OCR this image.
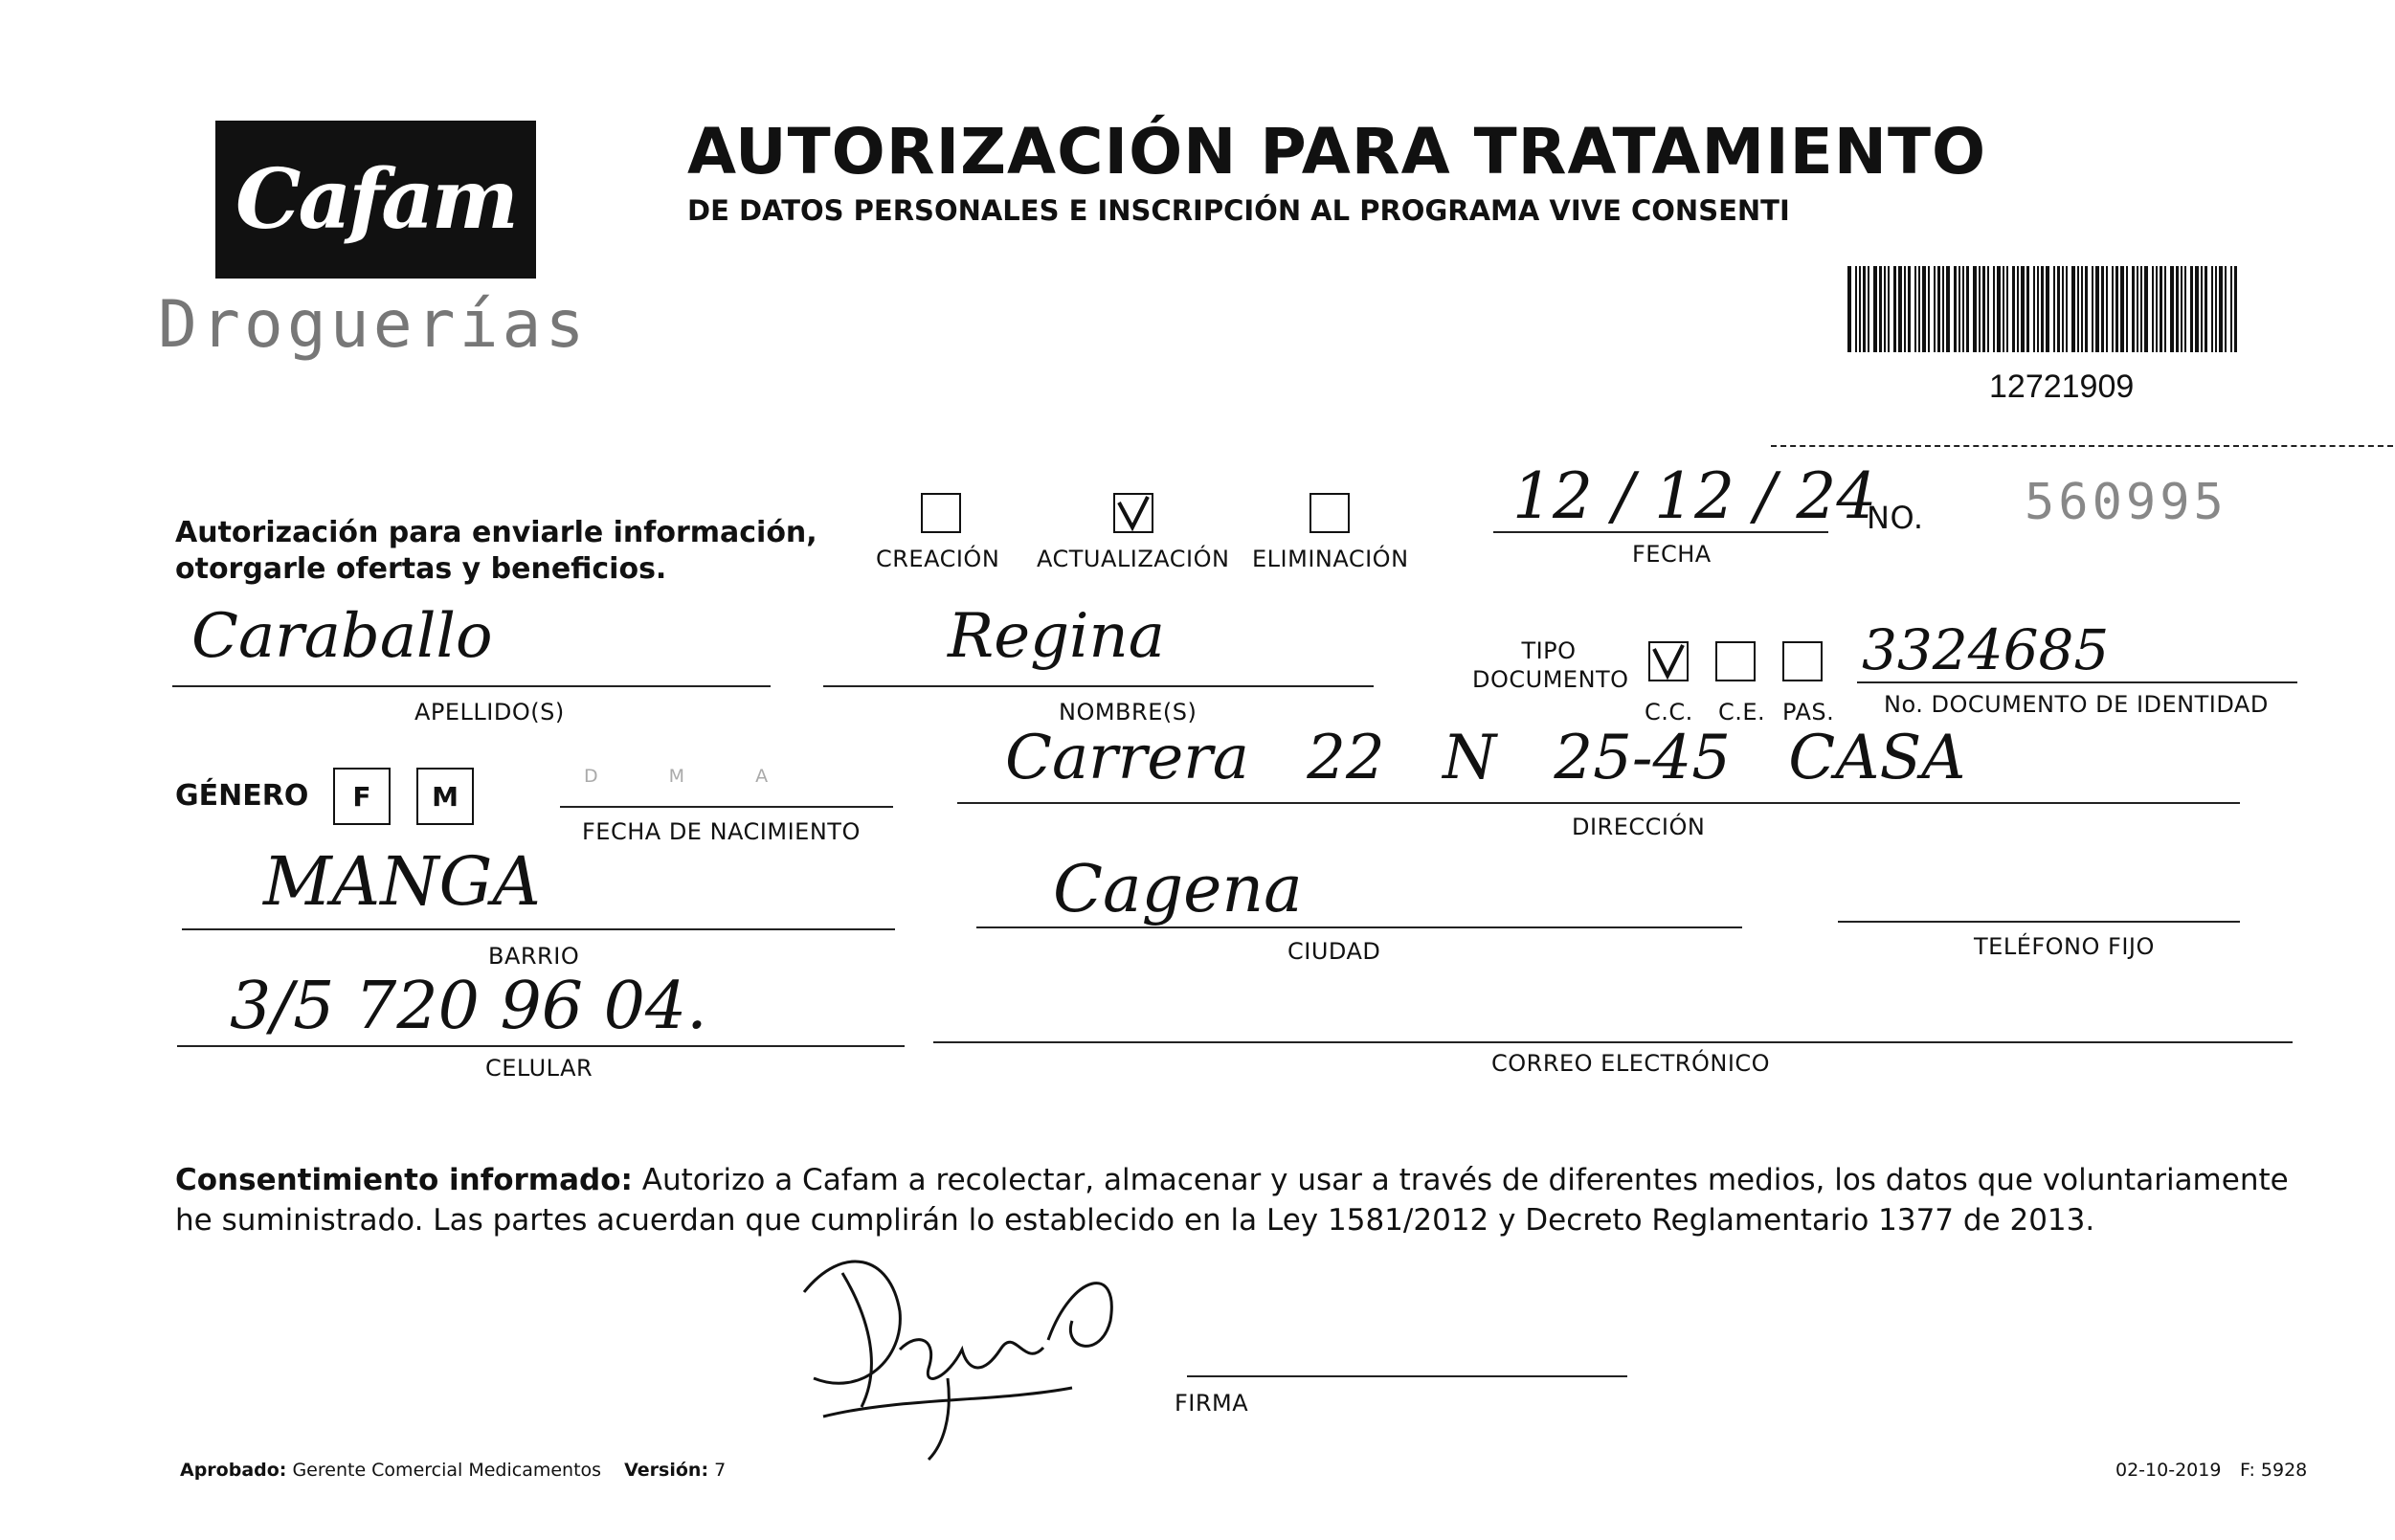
Cafam
Droguerías
AUTORIZACIÓN PARA TRATAMIENTO
DE DATOS PERSONALES E INSCRIPCIÓN AL PROGRAMA VIVE CONSENTI
12721909
Autorización para enviarle información,
otorgarle ofertas y beneficios.	CREACIÓN ACTUALIZACIÓN ELIMINACIÓN
12 / 12 / 24
FECHA
NO. 560995
Caraballo
APELLIDO(S)
Regina
NOMBRE(S)
TIPO DOCUMENTO
C.C. C.E. PAS.
3324685
No. DOCUMENTO DE IDENTIDAD
GÉNERO	F	M
D M A
FECHA DE NACIMIENTO
Carrera 22 N 25-45 CASA
DIRECCIÓN
MANGA
BARRIO
Cagena
CIUDAD	TELÉFONO FIJO
3/5 720 96 04.
CELULAR	CORREO ELECTRÓNICO
Consentimiento informado: Autorizo a Cafam a recolectar, almacenar y usar a través de diferentes medios, los datos que voluntariamente he suministrado. Las partes acuerdan que cumplirán lo establecido en la Ley 1581/2012 y Decreto Reglamentario 1377 de 2013.
FIRMA
Aprobado: Gerente Comercial Medicamentos Versión: 7	02-10-2019 F: 5928
